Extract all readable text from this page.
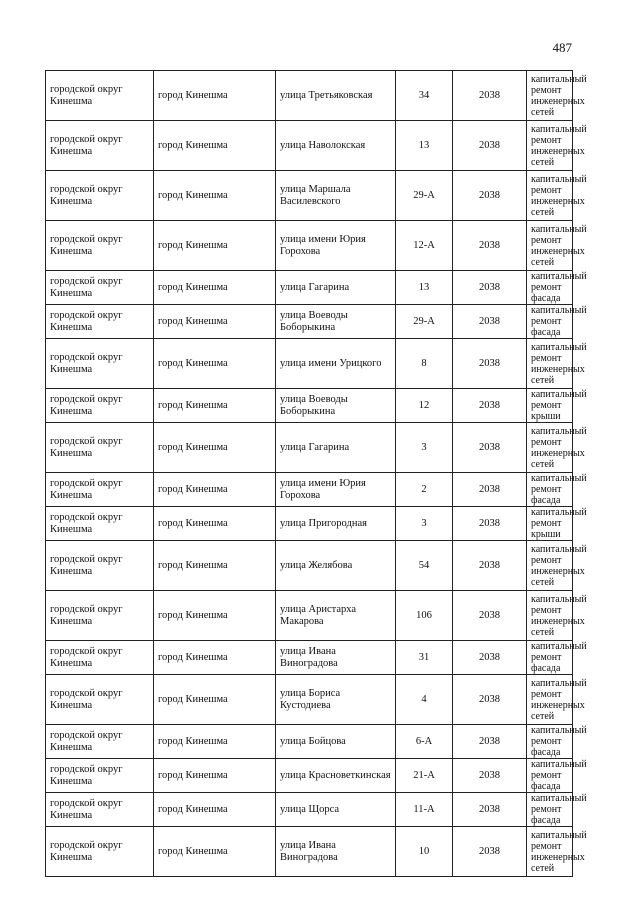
487
городской округ Кинешма	город Кинешма	улица Третьяковская	34	2038	капитальный ремонт инженерных сетей
городской округ Кинешма	город Кинешма	улица Наволокская	13	2038	капитальный ремонт инженерных сетей
городской округ Кинешма	город Кинешма	улица Маршала Василевского	29-А	2038	капитальный ремонт инженерных сетей
городской округ Кинешма	город Кинешма	улица имени Юрия Горохова	12-А	2038	капитальный ремонт инженерных сетей
городской округ Кинешма	город Кинешма	улица Гагарина	13	2038	капитальный ремонт фасада
городской округ Кинешма	город Кинешма	улица Воеводы Боборыкина	29-А	2038	капитальный ремонт фасада
городской округ Кинешма	город Кинешма	улица имени Урицкого	8	2038	капитальный ремонт инженерных сетей
городской округ Кинешма	город Кинешма	улица Воеводы Боборыкина	12	2038	капитальный ремонт крыши
городской округ Кинешма	город Кинешма	улица Гагарина	3	2038	капитальный ремонт инженерных сетей
городской округ Кинешма	город Кинешма	улица имени Юрия Горохова	2	2038	капитальный ремонт фасада
городской округ Кинешма	город Кинешма	улица Пригородная	3	2038	капитальный ремонт крыши
городской округ Кинешма	город Кинешма	улица Желябова	54	2038	капитальный ремонт инженерных сетей
городской округ Кинешма	город Кинешма	улица Аристарха Макарова	106	2038	капитальный ремонт инженерных сетей
городской округ Кинешма	город Кинешма	улица Ивана Виноградова	31	2038	капитальный ремонт фасада
городской округ Кинешма	город Кинешма	улица Бориса Кустодиева	4	2038	капитальный ремонт инженерных сетей
городской округ Кинешма	город Кинешма	улица Бойцова	6-А	2038	капитальный ремонт фасада
городской округ Кинешма	город Кинешма	улица Красноветкинская	21-А	2038	капитальный ремонт фасада
городской округ Кинешма	город Кинешма	улица Щорса	11-А	2038	капитальный ремонт фасада
городской округ Кинешма	город Кинешма	улица Ивана Виноградова	10	2038	капитальный ремонт инженерных сетей
